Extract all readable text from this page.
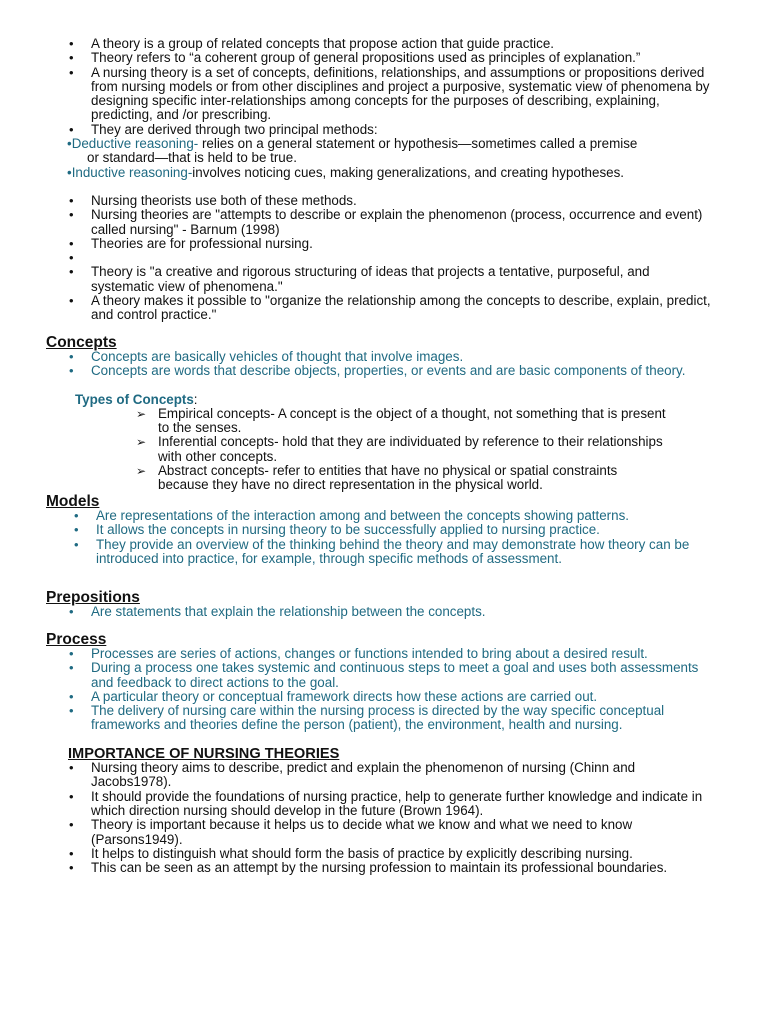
• A theory is a group of related concepts that propose action that guide practice.
• Theory refers to “a coherent group of general propositions used as principles of explanation.”
• A nursing theory is a set of concepts, definitions, relationships, and assumptions or propositions derived from nursing models or from other disciplines and project a purposive, systematic view of phenomena by designing specific inter-relationships among concepts for the purposes of describing, explaining, predicting, and /or prescribing.
• They are derived through two principal methods:
•Deductive reasoning- relies on a general statement or hypothesis—sometimes called a premise
or standard—that is held to be true.
•Inductive reasoning-involves noticing cues, making generalizations, and creating hypotheses.
• Nursing theorists use both of these methods.
• Nursing theories are "attempts to describe or explain the phenomenon (process, occurrence and event) called nursing" - Barnum (1998)
• Theories are for professional nursing.
•
• Theory is "a creative and rigorous structuring of ideas that projects a tentative, purposeful, and systematic view of phenomena."
• A theory makes it possible to "organize the relationship among the concepts to describe, explain, predict, and control practice."
Concepts
• Concepts are basically vehicles of thought that involve images.
• Concepts are words that describe objects, properties, or events and are basic components of theory.
Types of Concepts:
➢ Empirical concepts- A concept is the object of a thought, not something that is present to the senses.
➢ Inferential concepts- hold that they are individuated by reference to their relationships with other concepts.
➢ Abstract concepts- refer to entities that have no physical or spatial constraints because they have no direct representation in the physical world.
Models
• Are representations of the interaction among and between the concepts showing patterns.
• It allows the concepts in nursing theory to be successfully applied to nursing practice.
• They provide an overview of the thinking behind the theory and may demonstrate how theory can be introduced into practice, for example, through specific methods of assessment.
Prepositions
• Are statements that explain the relationship between the concepts.
Process
• Processes are series of actions, changes or functions intended to bring about a desired result.
• During a process one takes systemic and continuous steps to meet a goal and uses both assessments and feedback to direct actions to the goal.
• A particular theory or conceptual framework directs how these actions are carried out.
• The delivery of nursing care within the nursing process is directed by the way specific conceptual frameworks and theories define the person (patient), the environment, health and nursing.
IMPORTANCE OF NURSING THEORIES
• Nursing theory aims to describe, predict and explain the phenomenon of nursing (Chinn and Jacobs1978).
• It should provide the foundations of nursing practice, help to generate further knowledge and indicate in which direction nursing should develop in the future (Brown 1964).
• Theory is important because it helps us to decide what we know and what we need to know (Parsons1949).
• It helps to distinguish what should form the basis of practice by explicitly describing nursing.
• This can be seen as an attempt by the nursing profession to maintain its professional boundaries.
